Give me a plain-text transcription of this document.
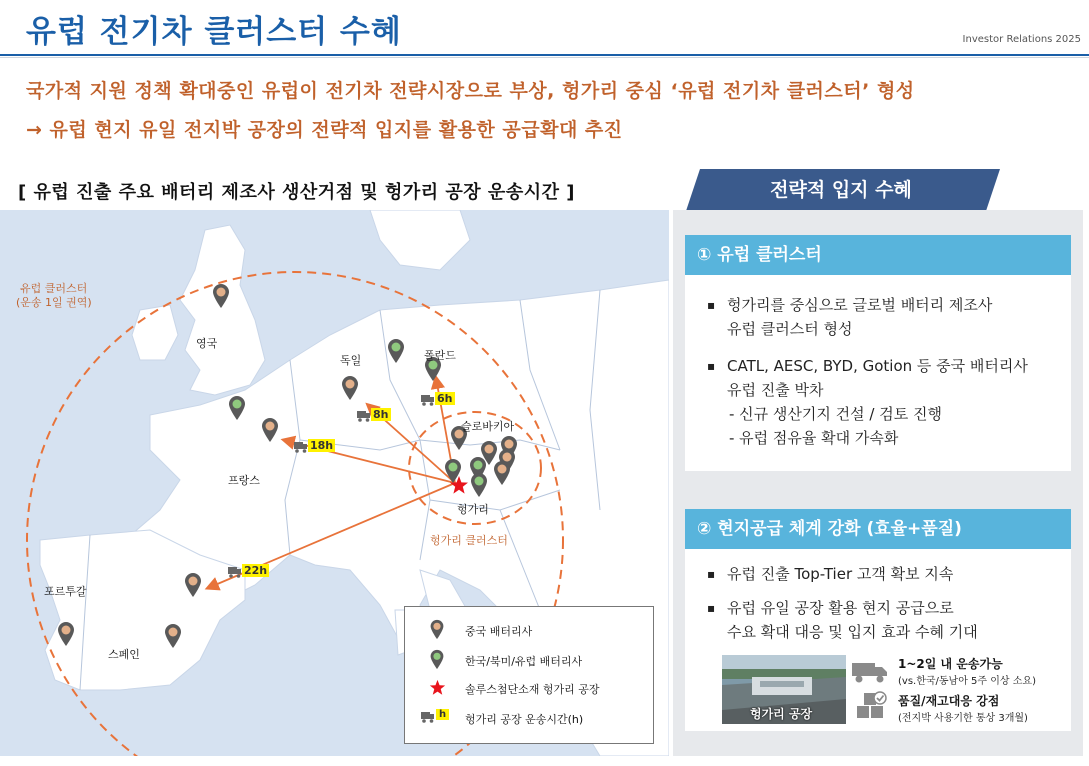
유럽 전기차 클러스터 수혜	Investor Relations 2025
국가적 지원 정책 확대중인 유럽이 전기차 전략시장으로 부상, 헝가리 중심 ‘유럽 전기차 클러스터’ 형성
→ 유럽 현지 유일 전지박 공장의 전략적 입지를 활용한 공급확대 추진
[ 유럽 진출 주요 배터리 제조사 생산거점 및 헝가리 공장 운송시간 ]
8h
6h
18h
22h
유럽 클러스터
(운송 1일 권역)
헝가리 클러스터
영국
독일	폴란드
슬로바키아
프랑스
헝가리
포르투갈
스페인
중국 배터리사
한국/북미/유럽 배터리사
솔루스첨단소재 헝가리 공장
h 헝가리 공장 운송시간(h)
전략적 입지 수혜
① 유럽 클러스터
▪ 헝가리를 중심으로 글로벌 배터리 제조사
유럽 클러스터 형성
▪ CATL, AESC, BYD, Gotion 등 중국 배터리사
유럽 진출 박차
- 신규 생산기지 건설 / 검토 진행
- 유럽 점유율 확대 가속화
② 현지공급 체계 강화 (효율+품질)
▪ 유럽 진출 Top-Tier 고객 확보 지속
▪ 유럽 유일 공장 활용 현지 공급으로
수요 확대 대응 및 입지 효과 수혜 기대
헝가리 공장
1~2일 내 운송가능
(vs.한국/동남아 5주 이상 소요)
품질/재고대응 강점
(전지박 사용기한 통상 3개월)
